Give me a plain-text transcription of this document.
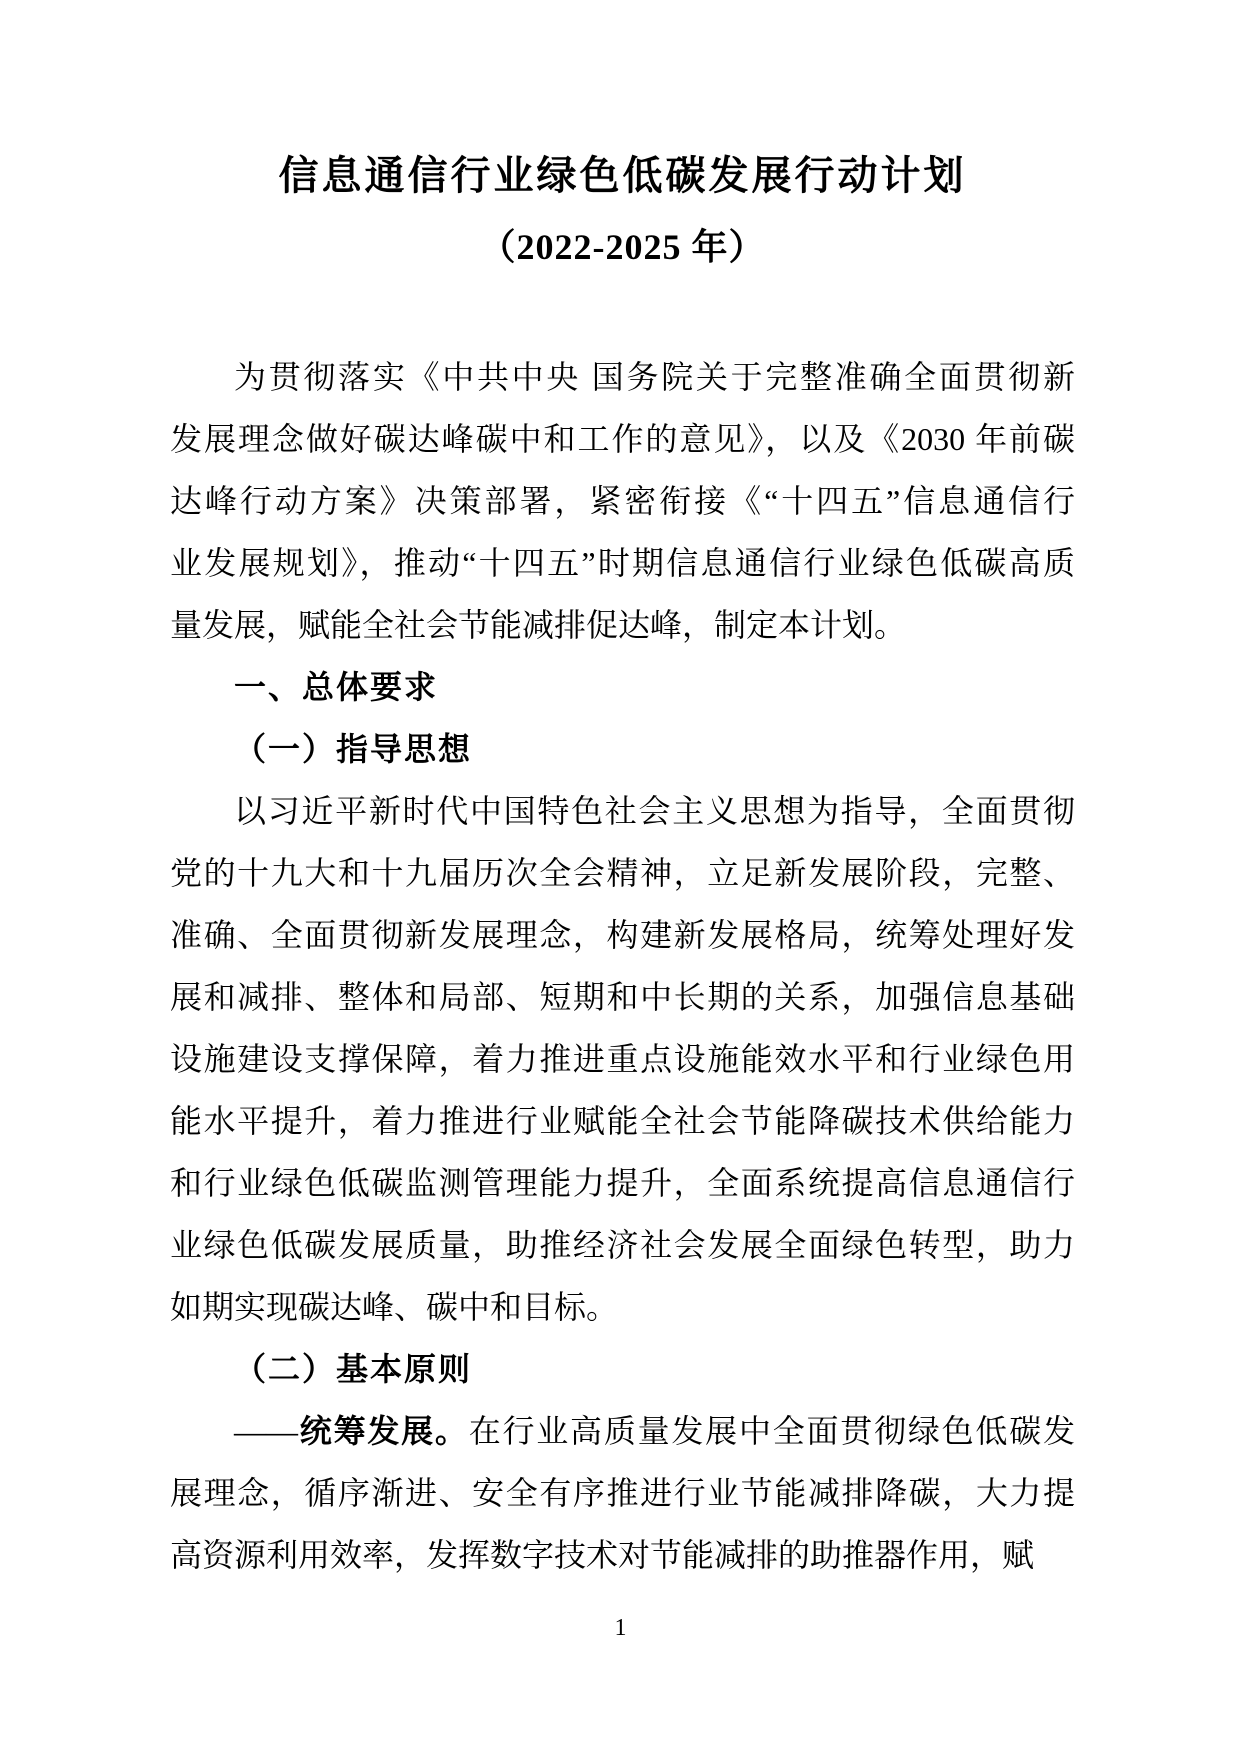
信息通信行业绿色低碳发展行动计划
（2022-2025 年）
为贯彻落实《中共中央 国务院关于完整准确全面贯彻新
发展理念做好碳达峰碳中和工作的意见》，以及《2030 年前碳
达峰行动方案》决策部署，紧密衔接《“十四五”信息通信行
业发展规划》，推动“十四五”时期信息通信行业绿色低碳高质
量发展，赋能全社会节能减排促达峰，制定本计划。
一、总体要求
（一）指导思想
以习近平新时代中国特色社会主义思想为指导，全面贯彻
党的十九大和十九届历次全会精神，立足新发展阶段，完整、
准确、全面贯彻新发展理念，构建新发展格局，统筹处理好发
展和减排、整体和局部、短期和中长期的关系，加强信息基础
设施建设支撑保障，着力推进重点设施能效水平和行业绿色用
能水平提升，着力推进行业赋能全社会节能降碳技术供给能力
和行业绿色低碳监测管理能力提升，全面系统提高信息通信行
业绿色低碳发展质量，助推经济社会发展全面绿色转型，助力
如期实现碳达峰、碳中和目标。
（二）基本原则
——统筹发展。在行业高质量发展中全面贯彻绿色低碳发
展理念，循序渐进、安全有序推进行业节能减排降碳，大力提
高资源利用效率，发挥数字技术对节能减排的助推器作用，赋
1
